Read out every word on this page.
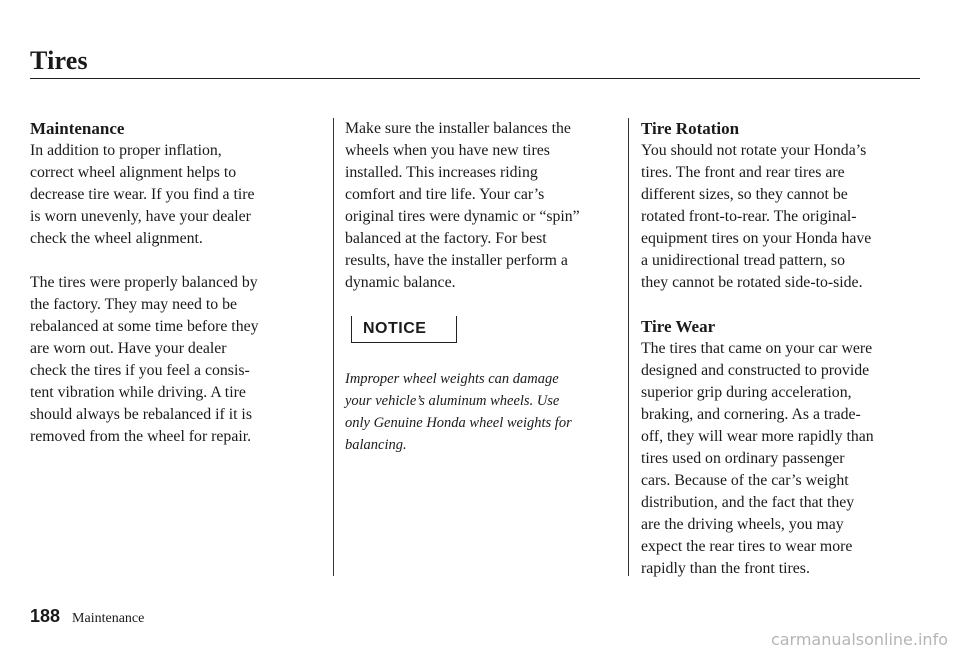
Tires
Maintenance

In addition to proper inflation,
correct wheel alignment helps to
decrease tire wear. If you find a tire
is worn unevenly, have your dealer
check the wheel alignment.

The tires were properly balanced by
the factory. They may need to be
rebalanced at some time before they
are worn out. Have your dealer
check the tires if you feel a consis-
tent vibration while driving. A tire
should always be rebalanced if it is
removed from the wheel for repair.

Make sure the installer balances the
wheels when you have new tires
installed. This increases riding
comfort and tire life. Your car’s
original tires were dynamic or “spin”
balanced at the factory. For best
results, have the installer perform a
dynamic balance.

NOTICE

Improper wheel weights can damage
your vehicle’s aluminum wheels. Use
only Genuine Honda wheel weights for
balancing.

Tire Rotation

You should not rotate your Honda’s
tires. The front and rear tires are
different sizes, so they cannot be
rotated front-to-rear. The original-
equipment tires on your Honda have
a unidirectional tread pattern, so
they cannot be rotated side-to-side.

Tire Wear

The tires that came on your car were
designed and constructed to provide
superior grip during acceleration,
braking, and cornering. As a trade-
off, they will wear more rapidly than
tires used on ordinary passenger
cars. Because of the car’s weight
distribution, and the fact that they
are the driving wheels, you may
expect the rear tires to wear more
rapidly than the front tires.

188 Maintenance
carmanualsonline.info
